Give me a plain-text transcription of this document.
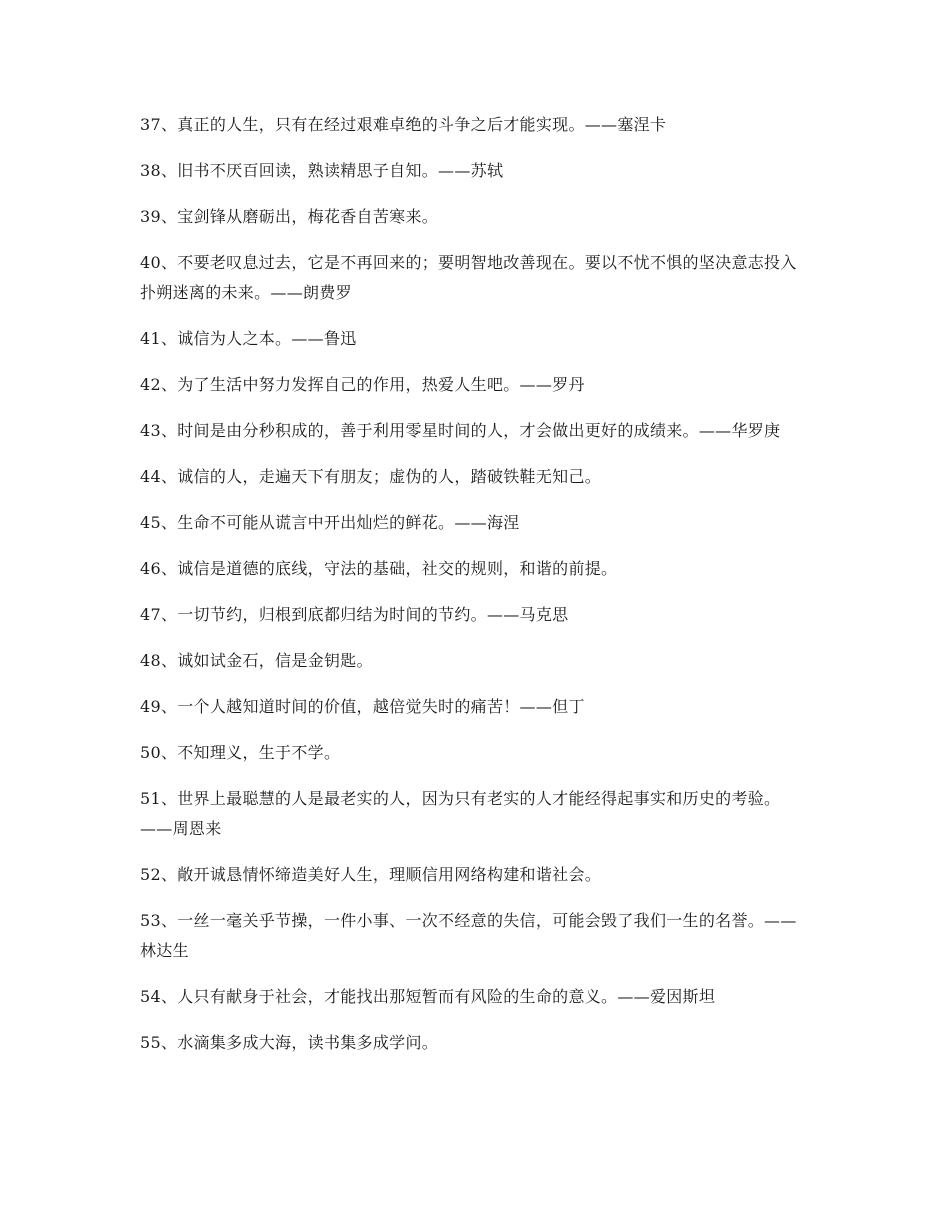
37、真正的人生，只有在经过艰难卓绝的斗争之后才能实现。——塞涅卡
38、旧书不厌百回读，熟读精思子自知。——苏轼
39、宝剑锋从磨砺出，梅花香自苦寒来。
40、不要老叹息过去，它是不再回来的；要明智地改善现在。要以不忧不惧的坚决意志投入扑朔迷离的未来。——朗费罗
41、诚信为人之本。——鲁迅
42、为了生活中努力发挥自己的作用，热爱人生吧。——罗丹
43、时间是由分秒积成的，善于利用零星时间的人，才会做出更好的成绩来。——华罗庚
44、诚信的人，走遍天下有朋友；虚伪的人，踏破铁鞋无知己。
45、生命不可能从谎言中开出灿烂的鲜花。——海涅
46、诚信是道德的底线，守法的基础，社交的规则，和谐的前提。
47、一切节约，归根到底都归结为时间的节约。——马克思
48、诚如试金石，信是金钥匙。
49、一个人越知道时间的价值，越倍觉失时的痛苦！——但丁
50、不知理义，生于不学。
51、世界上最聪慧的人是最老实的人，因为只有老实的人才能经得起事实和历史的考验。——周恩来
52、敞开诚恳情怀缔造美好人生，理顺信用网络构建和谐社会。
53、一丝一毫关乎节操，一件小事、一次不经意的失信，可能会毁了我们一生的名誉。——林达生
54、人只有献身于社会，才能找出那短暂而有风险的生命的意义。——爱因斯坦
55、水滴集多成大海，读书集多成学问。
